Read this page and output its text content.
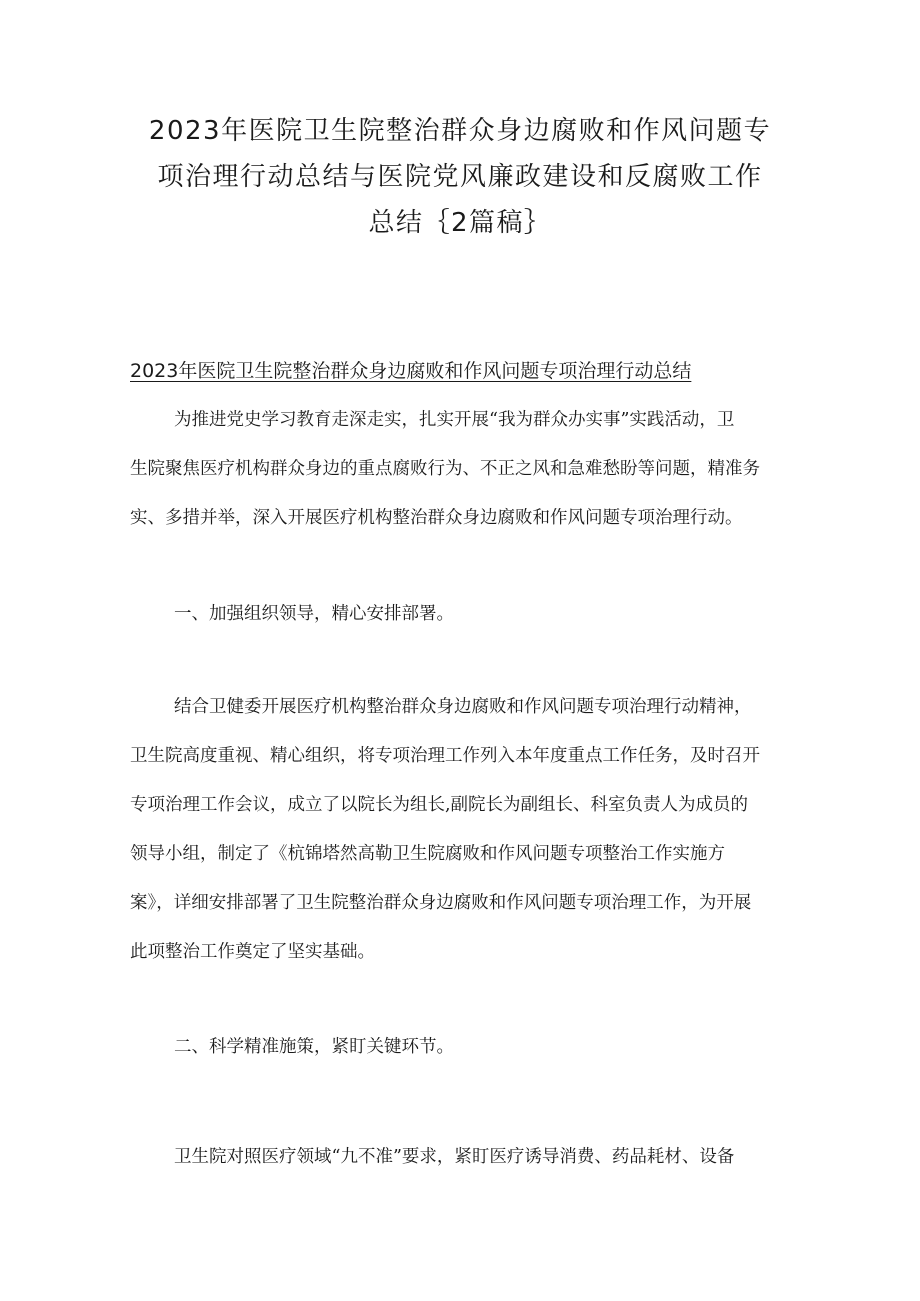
2023年医院卫生院整治群众身边腐败和作风问题专
项治理行动总结与医院党风廉政建设和反腐败工作
总结｛2篇稿｝
2023年医院卫生院整治群众身边腐败和作风问题专项治理行动总结

为推进党史学习教育走深走实，扎实开展“我为群众办实事”实践活动，卫
生院聚焦医疗机构群众身边的重点腐败行为、不正之风和急难愁盼等问题，精准务
实、多措并举，深入开展医疗机构整治群众身边腐败和作风问题专项治理行动。

一、加强组织领导，精心安排部署。

结合卫健委开展医疗机构整治群众身边腐败和作风问题专项治理行动精神，
卫生院高度重视、精心组织，将专项治理工作列入本年度重点工作任务，及时召开
专项治理工作会议，成立了以院长为组长,副院长为副组长、科室负责人为成员的
领导小组，制定了《杭锦塔然高勒卫生院腐败和作风问题专项整治工作实施方
案》，详细安排部署了卫生院整治群众身边腐败和作风问题专项治理工作，为开展
此项整治工作奠定了坚实基础。

二、科学精准施策，紧盯关键环节。

卫生院对照医疗领域“九不准”要求，紧盯医疗诱导消费、药品耗材、设备
